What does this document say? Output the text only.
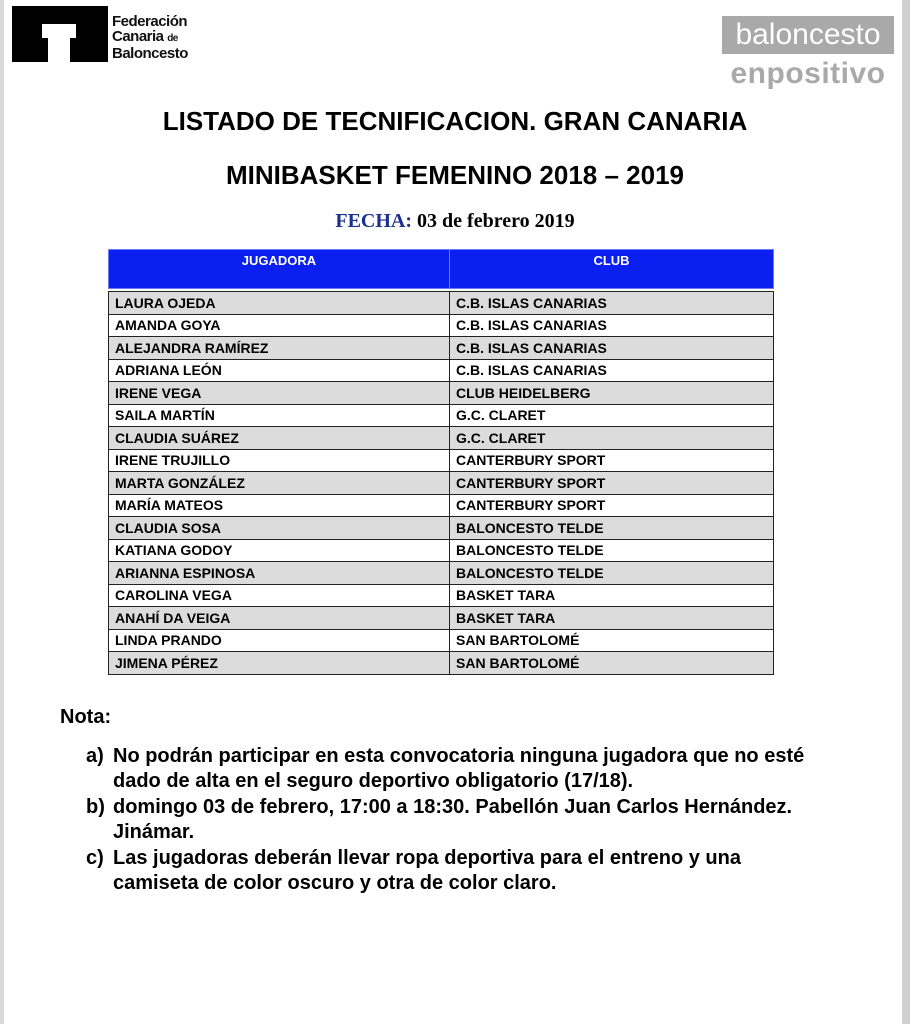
Federación
Canaria de
Baloncesto
baloncesto
enpositivo
LISTADO DE TECNIFICACION. GRAN CANARIA
MINIBASKET FEMENINO 2018 – 2019
FECHA: 03 de febrero 2019
JUGADORA	CLUB

LAURA OJEDA	C.B. ISLAS CANARIAS
AMANDA GOYA	C.B. ISLAS CANARIAS
ALEJANDRA RAMÍREZ	C.B. ISLAS CANARIAS
ADRIANA LEÓN	C.B. ISLAS CANARIAS
IRENE VEGA	CLUB HEIDELBERG
SAILA MARTÍN	G.C. CLARET
CLAUDIA SUÁREZ	G.C. CLARET
IRENE TRUJILLO	CANTERBURY SPORT
MARTA GONZÁLEZ	CANTERBURY SPORT
MARÍA MATEOS	CANTERBURY SPORT
CLAUDIA SOSA	BALONCESTO TELDE
KATIANA GODOY	BALONCESTO TELDE
ARIANNA ESPINOSA	BALONCESTO TELDE
CAROLINA VEGA	BASKET TARA
ANAHÍ DA VEIGA	BASKET TARA
LINDA PRANDO	SAN BARTOLOMÉ
JIMENA PÉREZ	SAN BARTOLOMÉ
Nota:
a) No podrán participar en esta convocatoria ninguna jugadora que no esté
dado de alta en el seguro deportivo obligatorio (17/18).
b) domingo 03 de febrero, 17:00 a 18:30. Pabellón Juan Carlos Hernández.
Jinámar.
c) Las jugadoras deberán llevar ropa deportiva para el entreno y una
camiseta de color oscuro y otra de color claro.
